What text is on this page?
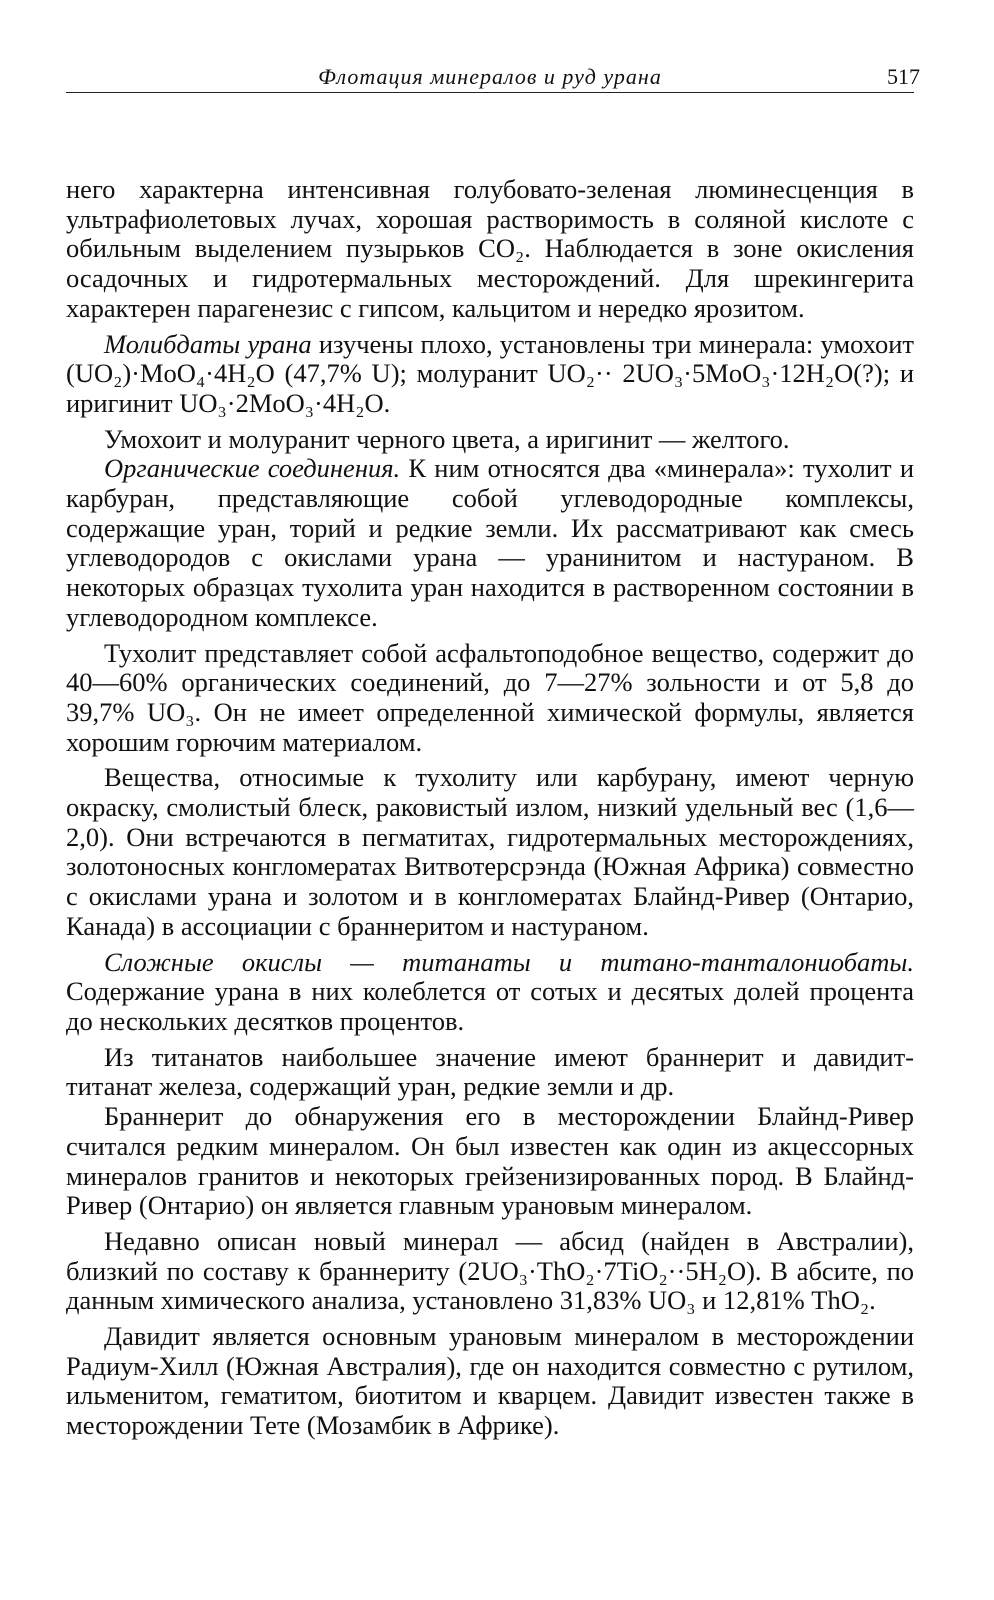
Флотация минералов и руд урана	517

него характерна интенсивная голубовато-зеленая люминесценция в ультрафиолетовых лучах, хорошая растворимость в соляной кислоте с обильным выделением пузырьков CO₂. Наблюдается в зоне окисления осадочных и гидротермальных месторождений. Для шрекингерита характерен парагенезис с гипсом, кальцитом и нередко ярозитом.

Молибдаты урана изучены плохо, установлены три минерала: умохоит (UO₂)·MoO₄·4H₂O (47,7% U); молуранит UO₂·· 2UO₃·5MoO₃·12H₂O(?); и иригинит UO₃·2MoO₃·4H₂O.

Умохоит и молуранит черного цвета, а иригинит — желтого.

Органические соединения. К ним относятся два «минерала»: тухолит и карбуран, представляющие собой углеводородные комплексы, содержащие уран, торий и редкие земли. Их рассматривают как смесь углеводородов с окислами урана — уранинитом и настураном. В некоторых образцах тухолита уран находится в растворенном состоянии в углеводородном комплексе.

Тухолит представляет собой асфальтоподобное вещество, содержит до 40—60% органических соединений, до 7—27% зольности и от 5,8 до 39,7% UO₃. Он не имеет определенной химической формулы, является хорошим горючим материалом.

Вещества, относимые к тухолиту или карбурану, имеют черную окраску, смолистый блеск, раковистый излом, низкий удельный вес (1,6—2,0). Они встречаются в пегматитах, гидротермальных месторождениях, золотоносных конгломератах Витвотерсрэнда (Южная Африка) совместно с окислами урана и золотом и в конгломератах Блайнд-Ривер (Онтарио, Канада) в ассоциации с браннеритом и настураном.

Сложные окислы — титанаты и титано-танталониобаты. Содержание урана в них колеблется от сотых и десятых долей процента до нескольких десятков процентов.

Из титанатов наибольшее значение имеют браннерит и давидит-титанат железа, содержащий уран, редкие земли и др.

Браннерит до обнаружения его в месторождении Блайнд-Ривер считался редким минералом. Он был известен как один из акцессорных минералов гранитов и некоторых грейзенизированных пород. В Блайнд-Ривер (Онтарио) он является главным урановым минералом.

Недавно описан новый минерал — абсид (найден в Австралии), близкий по составу к браннериту (2UO₃·ThO₂·7TiO₂··5H₂O). В абсите, по данным химического анализа, установлено 31,83% UO₃ и 12,81% ThO₂.

Давидит является основным урановым минералом в месторождении Радиум-Хилл (Южная Австралия), где он находится совместно с рутилом, ильменитом, гематитом, биотитом и кварцем. Давидит известен также в месторождении Тете (Мозамбик в Африке).
